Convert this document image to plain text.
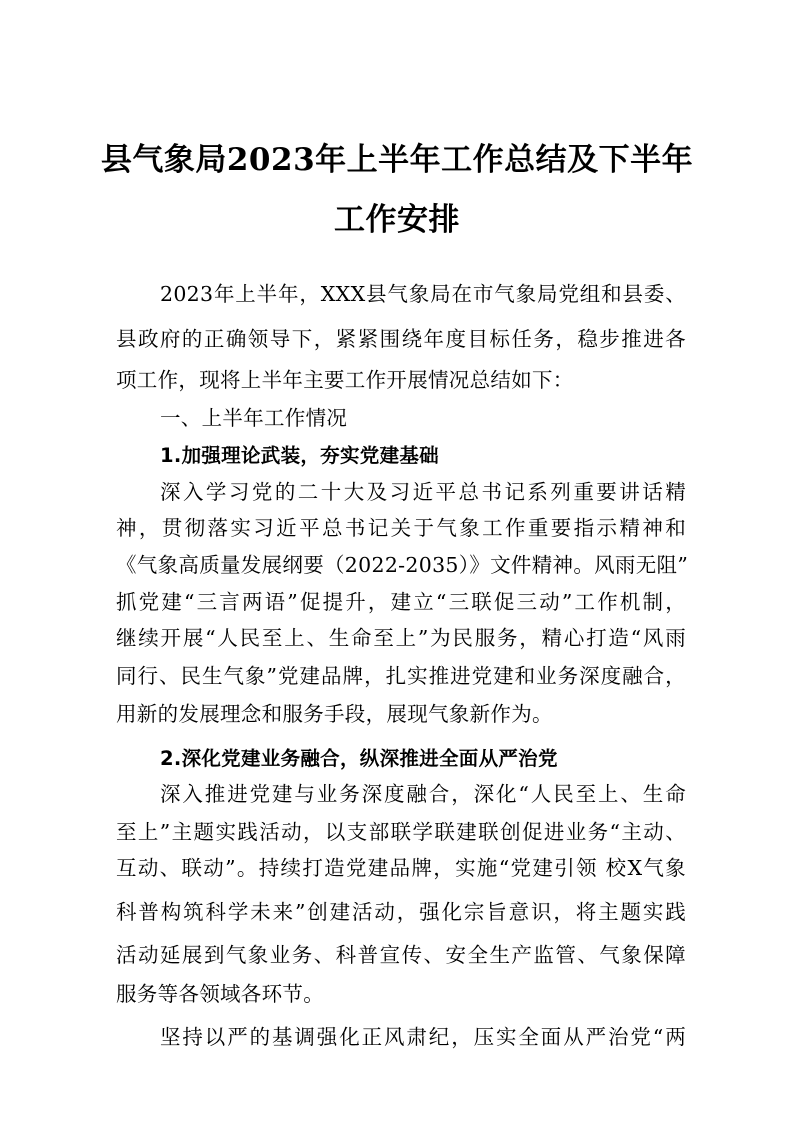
县气象局2023年上半年工作总结及下半年
工作安排
2023年上半年，XXX县气象局在市气象局党组和县委、
县政府的正确领导下，紧紧围绕年度目标任务，稳步推进各
项工作，现将上半年主要工作开展情况总结如下：
一、上半年工作情况
1.加强理论武装，夯实党建基础
深入学习党的二十大及习近平总书记系列重要讲话精
神，贯彻落实习近平总书记关于气象工作重要指示精神和
《气象高质量发展纲要（2022-2035）》文件精神。风雨无阻”
抓党建“三言两语”促提升，建立“三联促三动”工作机制，
继续开展“人民至上、生命至上”为民服务，精心打造“风雨
同行、民生气象”党建品牌，扎实推进党建和业务深度融合，
用新的发展理念和服务手段，展现气象新作为。
2.深化党建业务融合，纵深推进全面从严治党
深入推进党建与业务深度融合，深化“人民至上、生命
至上”主题实践活动，以支部联学联建联创促进业务“主动、
互动、联动”。持续打造党建品牌，实施“党建引领 校X气象
科普构筑科学未来”创建活动，强化宗旨意识，将主题实践
活动延展到气象业务、科普宣传、安全生产监管、气象保障
服务等各领域各环节。
坚持以严的基调强化正风肃纪，压实全面从严治党“两
